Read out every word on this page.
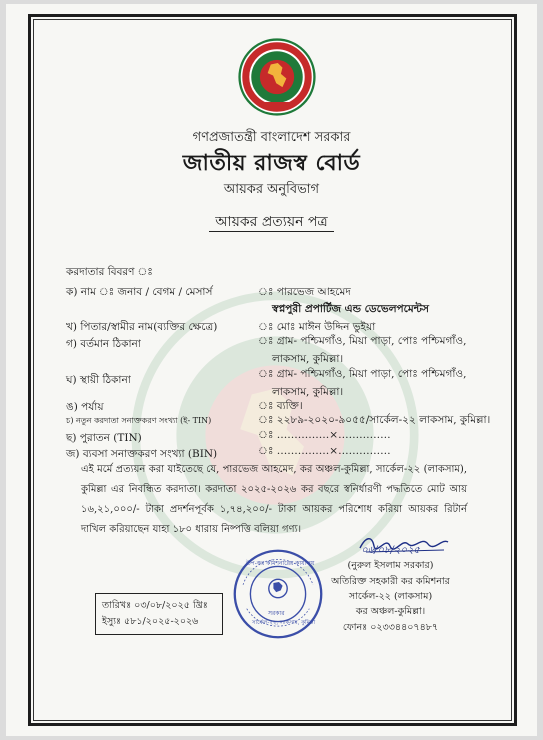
গণপ্রজাতন্ত্রী বাংলাদেশ সরকার
জাতীয় রাজস্ব বোর্ড
আয়কর অনুবিভাগ
আয়কর প্রত্যয়ন পত্র
করদাতার বিবরণ ঃ
ক) নাম ঃ জনাব / বেগম / মেসার্স	ঃ পারভেজ আহমেদ
স্বপ্নপুরী প্রপার্টিজ এন্ড ডেভেলপমেন্টস
খ) পিতার/স্বামীর নাম(ব্যক্তির ক্ষেত্রে)	ঃ মোঃ মাঈন উদ্দিন ভুইয়া
গ) বর্তমান ঠিকানা	ঃ গ্রাম- পশ্চিমগাঁও, মিয়া পাড়া, পোঃ পশ্চিমগাঁও,
লাকসাম, কুমিল্লা।
ঘ) স্থায়ী ঠিকানা	ঃ গ্রাম- পশ্চিমগাঁও, মিয়া পাড়া, পোঃ পশ্চিমগাঁও,
লাকসাম, কুমিল্লা।
ঙ) পর্যায়	ঃ ব্যক্তি।
চ) নতুন করদাতা সনাক্তকরণ সংখ্যা (ই- TIN)	ঃ ২২৮৯-২০২০-৯০৫৫/সার্কেল-২২ লাকসাম, কুমিল্লা।
ছ) পুরাতন (TIN)	ঃ ……………×……………
জ) ব্যবসা সনাক্তকরণ সংখ্যা (BIN)	ঃ ……………×……………
এই মর্মে প্রত্যয়ন করা যাইতেছে যে, পারভেজ আহমেদ, কর অঞ্চল-কুমিল্লা, সার্কেল-২২ (লাকসাম), কুমিল্লা এর নিবন্ধিত করদাতা। করদাতা ২০২৫-২০২৬ কর বছরে স্বনির্ধারণী পদ্ধতিতে মোট আয় ১৬,২১,০০০/- টাকা প্রদর্শনপূর্বক ১,৭৪,২০০/- টাকা আয়কর পরিশোধ করিয়া আয়কর রিটার্ন দাখিল করিয়াছেন যাহা ১৮০ ধারায় নিষ্পত্তি বলিয়া গণ্য।
০৬/০৮/২০২৫
(নুরুল ইসলাম সরকার)
অতিরিক্ত সহকারী কর কমিশনার
সার্কেল-২২ (লাকসাম)
কর অঞ্চল-কুমিল্লা।
ফোনঃ ০২৩৩৪৪০৭৪৮৭
উপ-কর কমিশনারের কার্যালয়
সরকার
সার্কেল-২২, লাকসাম, কুমিল্লা
তারিখঃ ০৩/০৮/২০২৫ খ্রিঃ
ইস্যুঃ ৫৮১/২০২৫-২০২৬
